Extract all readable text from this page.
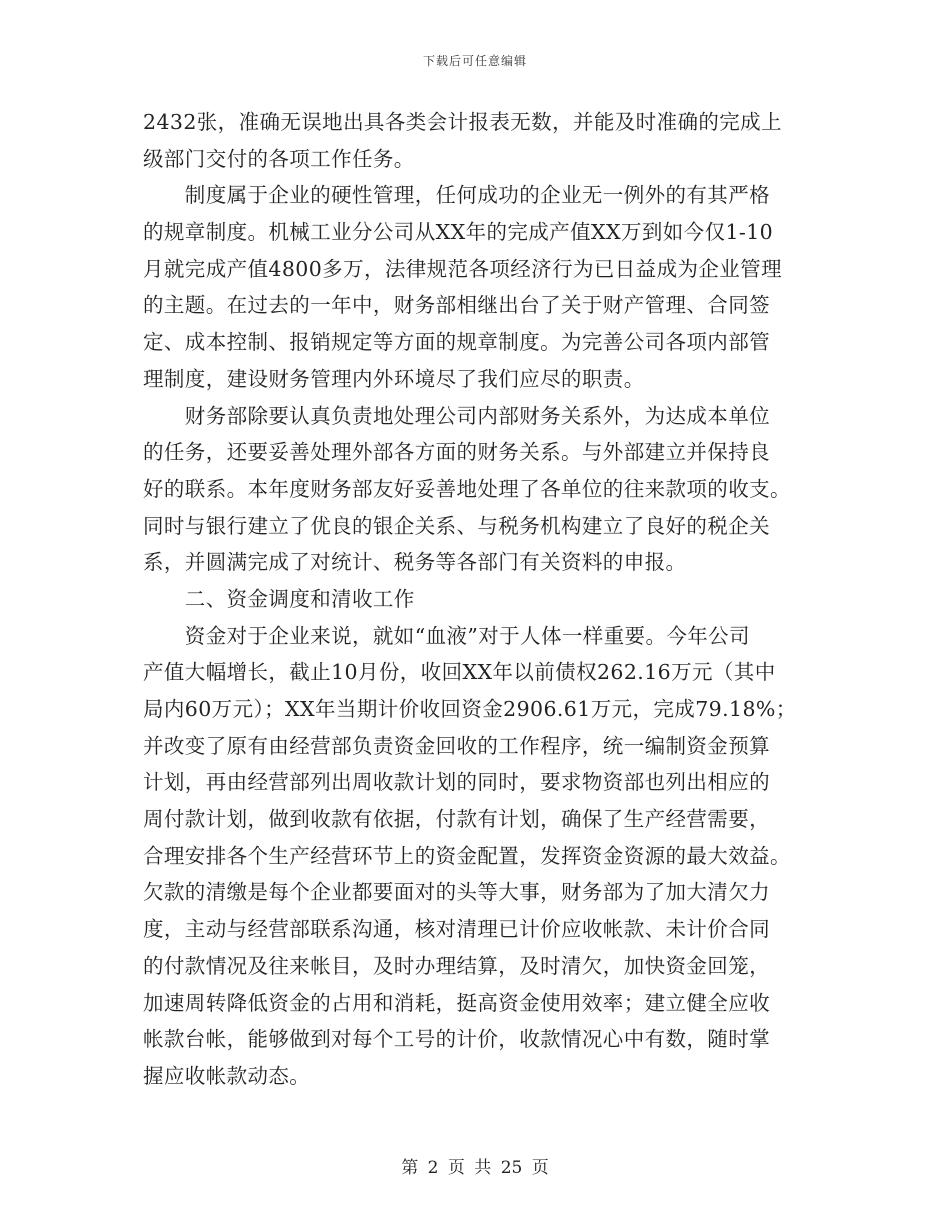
下载后可任意编辑
2432张，准确无误地出具各类会计报表无数，并能及时准确的完成上
级部门交付的各项工作任务。
　　制度属于企业的硬性管理，任何成功的企业无一例外的有其严格
的规章制度。机械工业分公司从XX年的完成产值XX万到如今仅1-10
月就完成产值4800多万，法律规范各项经济行为已日益成为企业管理
的主题。在过去的一年中，财务部相继出台了关于财产管理、合同签
定、成本控制、报销规定等方面的规章制度。为完善公司各项内部管
理制度，建设财务管理内外环境尽了我们应尽的职责。
　　财务部除要认真负责地处理公司内部财务关系外，为达成本单位
的任务，还要妥善处理外部各方面的财务关系。与外部建立并保持良
好的联系。本年度财务部友好妥善地处理了各单位的往来款项的收支。
同时与银行建立了优良的银企关系、与税务机构建立了良好的税企关
系，并圆满完成了对统计、税务等各部门有关资料的申报。
　　二、资金调度和清收工作
　　资金对于企业来说，就如“血液”对于人体一样重要。今年公司
产值大幅增长，截止10月份，收回XX年以前债权262.16万元（其中
局内60万元）；XX年当期计价收回资金2906.61万元，完成79.18%；
并改变了原有由经营部负责资金回收的工作程序，统一编制资金预算
计划，再由经营部列出周收款计划的同时，要求物资部也列出相应的
周付款计划，做到收款有依据，付款有计划，确保了生产经营需要，
合理安排各个生产经营环节上的资金配置，发挥资金资源的最大效益。
欠款的清缴是每个企业都要面对的头等大事，财务部为了加大清欠力
度，主动与经营部联系沟通，核对清理已计价应收帐款、未计价合同
的付款情况及往来帐目，及时办理结算，及时清欠，加快资金回笼，
加速周转降低资金的占用和消耗，挺高资金使用效率；建立健全应收
帐款台帐，能够做到对每个工号的计价，收款情况心中有数，随时掌
握应收帐款动态。
第 2 页 共 25 页
